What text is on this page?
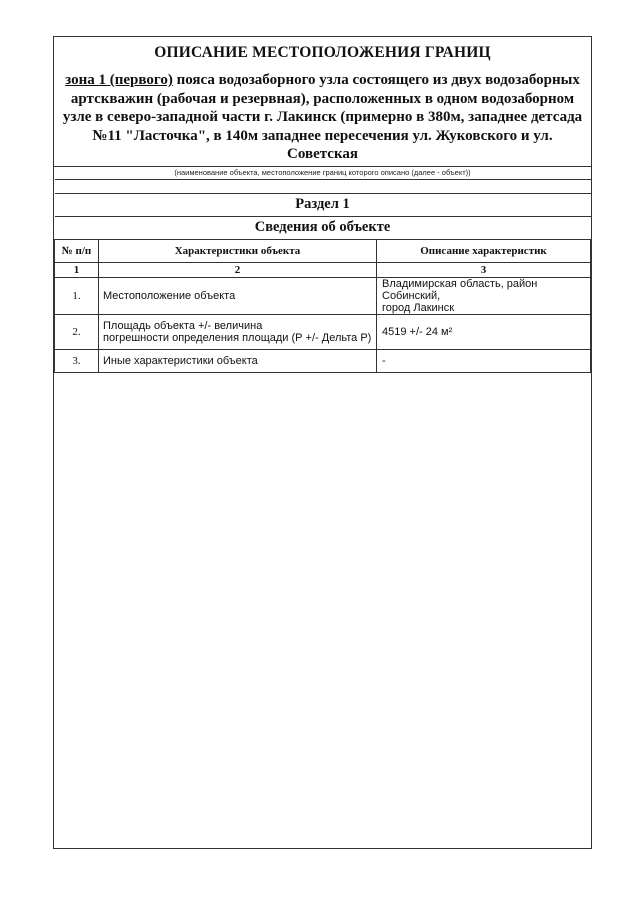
ОПИСАНИЕ МЕСТОПОЛОЖЕНИЯ ГРАНИЦ
зона 1 (первого) пояса водозаборного узла состоящего из двух водозаборных артскважин (рабочая и резервная), расположенных в одном водозаборном узле в северо-западной части г. Лакинск (примерно в 380м, западнее детсада №11 "Ласточка", в 140м западнее пересечения ул. Жуковского и ул. Советская
(наименование объекта, местоположение границ которого описано (далее - объект))

Раздел 1		
Сведения об объекте		
№ п/п	Характеристики объекта	Описание характеристик
1	2	3
1.	Местоположение объекта	Владимирская область, район Собинский,
город Лакинск

2.	Площадь объекта +/- величина
погрешности определения площади (Р +/- Дельта Р)	4519 +/- 24 м²

3.	Иные характеристики объекта	-
